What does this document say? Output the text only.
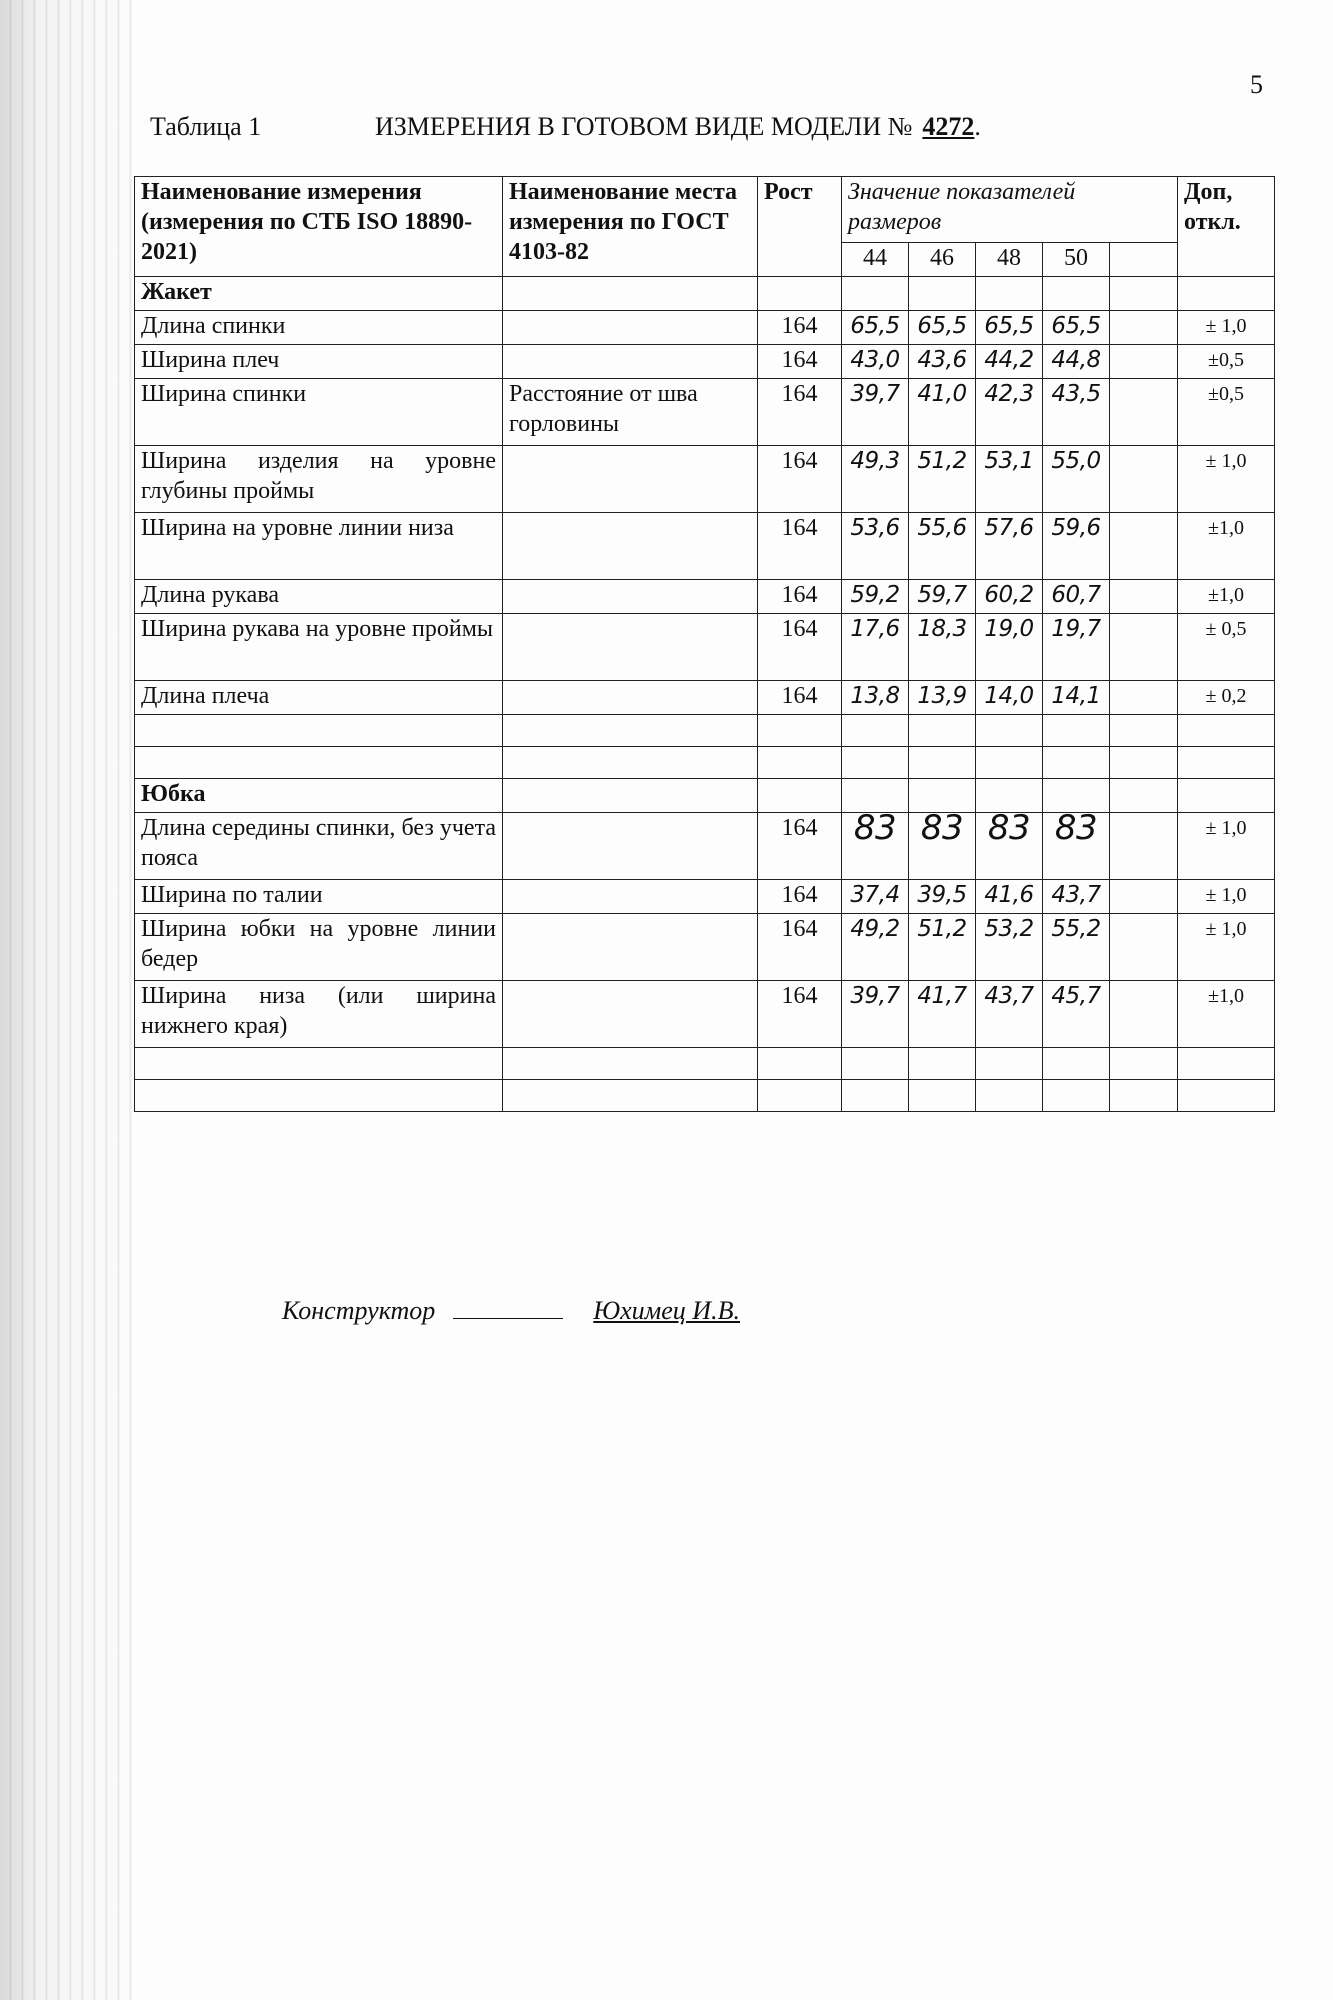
5
Таблица 1	ИЗМЕРЕНИЯ В ГОТОВОМ ВИДЕ МОДЕЛИ № 4272.
Наименование измерения (измерения по СТБ ISO 18890-2021)	Наименование места измерения по ГОСТ 4103-82	Рост	Значение показателей размеров					Доп, откл.
			44	46	48	50		
Жакет								
Длина спинки		164	65,5	65,5	65,5	65,5		± 1,0
Ширина плеч		164	43,0	43,6	44,2	44,8		±0,5
Ширина спинки	Расстояние от шва горловины	164	39,7	41,0	42,3	43,5		±0,5
Ширина изделия на уровне глубины проймы		164	49,3	51,2	53,1	55,0		± 1,0
Ширина на уровне линии низа		164	53,6	55,6	57,6	59,6		±1,0
Длина рукава		164	59,2	59,7	60,2	60,7		±1,0
Ширина рукава на уровне проймы		164	17,6	18,3	19,0	19,7		± 0,5
Длина плеча		164	13,8	13,9	14,0	14,1		± 0,2

Юбка								
Длина середины спинки, без учета пояса		164	83	83	83	83		± 1,0
Ширина по талии		164	37,4	39,5	41,6	43,7		± 1,0
Ширина юбки на уровне линии бедер		164	49,2	51,2	53,2	55,2		± 1,0
Ширина низа (или ширина нижнего края)		164	39,7	41,7	43,7	45,7		±1,0

Конструктор	Юхимец И.В.
